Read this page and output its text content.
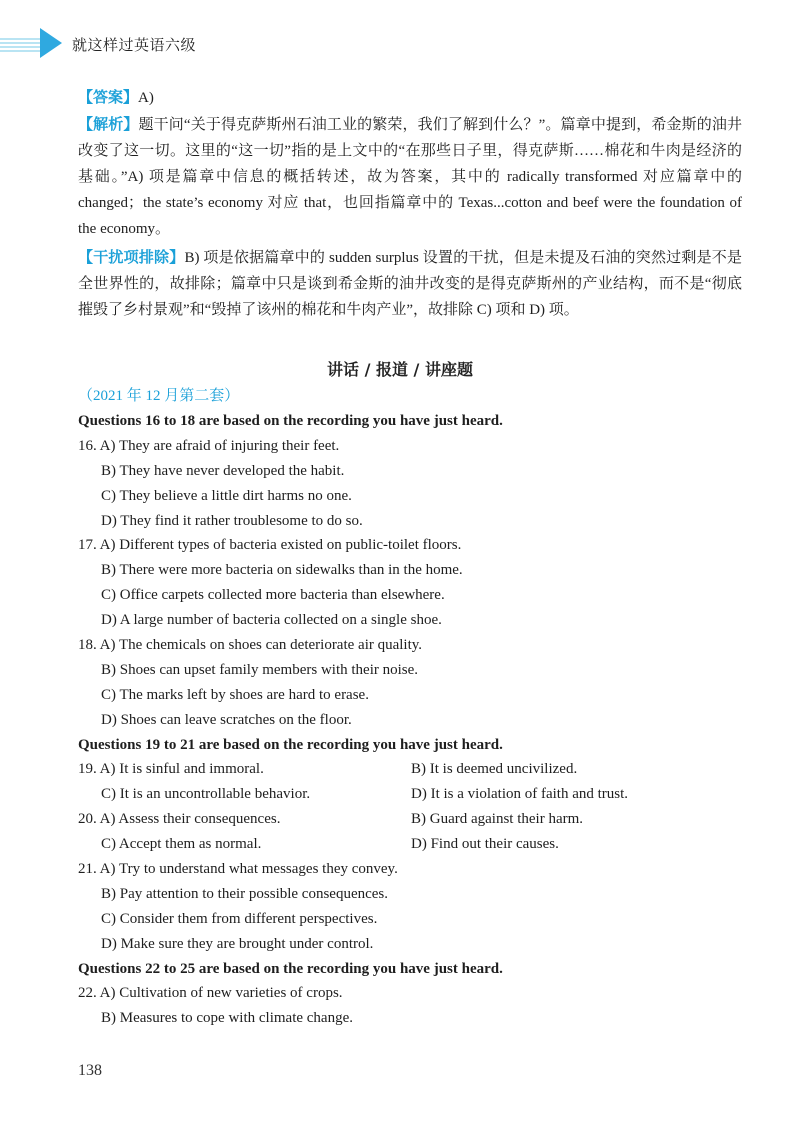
就这样过英语六级

【答案】A)

【解析】题干问“关于得克萨斯州石油工业的繁荣，我们了解到什么？”。篇章中提到，希金斯的油井改变了这一切。这里的“这一切”指的是上文中的“在那些日子里，得克萨斯……棉花和牛肉是经济的基础。”A) 项是篇章中信息的概括转述，故为答案，其中的 radically transformed 对应篇章中的 changed；the state’s economy 对应 that，也回指篇章中的 Texas...cotton and beef were the foundation of the economy。

【干扰项排除】B) 项是依据篇章中的 sudden surplus 设置的干扰，但是未提及石油的突然过剩是不是全世界性的，故排除；篇章中只是谈到希金斯的油井改变的是得克萨斯州的产业结构，而不是“彻底摧毁了乡村景观”和“毁掉了该州的棉花和牛肉产业”，故排除 C) 项和 D) 项。

讲话 / 报道 / 讲座题
（2021 年 12 月第二套）
Questions 16 to 18 are based on the recording you have just heard.
16. A) They are afraid of injuring their feet.
B) They have never developed the habit.
C) They believe a little dirt harms no one.
D) They find it rather troublesome to do so.
17. A) Different types of bacteria existed on public-toilet floors.
B) There were more bacteria on sidewalks than in the home.
C) Office carpets collected more bacteria than elsewhere.
D) A large number of bacteria collected on a single shoe.
18. A) The chemicals on shoes can deteriorate air quality.
B) Shoes can upset family members with their noise.
C) The marks left by shoes are hard to erase.
D) Shoes can leave scratches on the floor.
Questions 19 to 21 are based on the recording you have just heard.
19. A) It is sinful and immoral.	B) It is deemed uncivilized.
C) It is an uncontrollable behavior.	D) It is a violation of faith and trust.
20. A) Assess their consequences.	B) Guard against their harm.
C) Accept them as normal.	D) Find out their causes.
21. A) Try to understand what messages they convey.
B) Pay attention to their possible consequences.
C) Consider them from different perspectives.
D) Make sure they are brought under control.
Questions 22 to 25 are based on the recording you have just heard.
22. A) Cultivation of new varieties of crops.
B) Measures to cope with climate change.
138
